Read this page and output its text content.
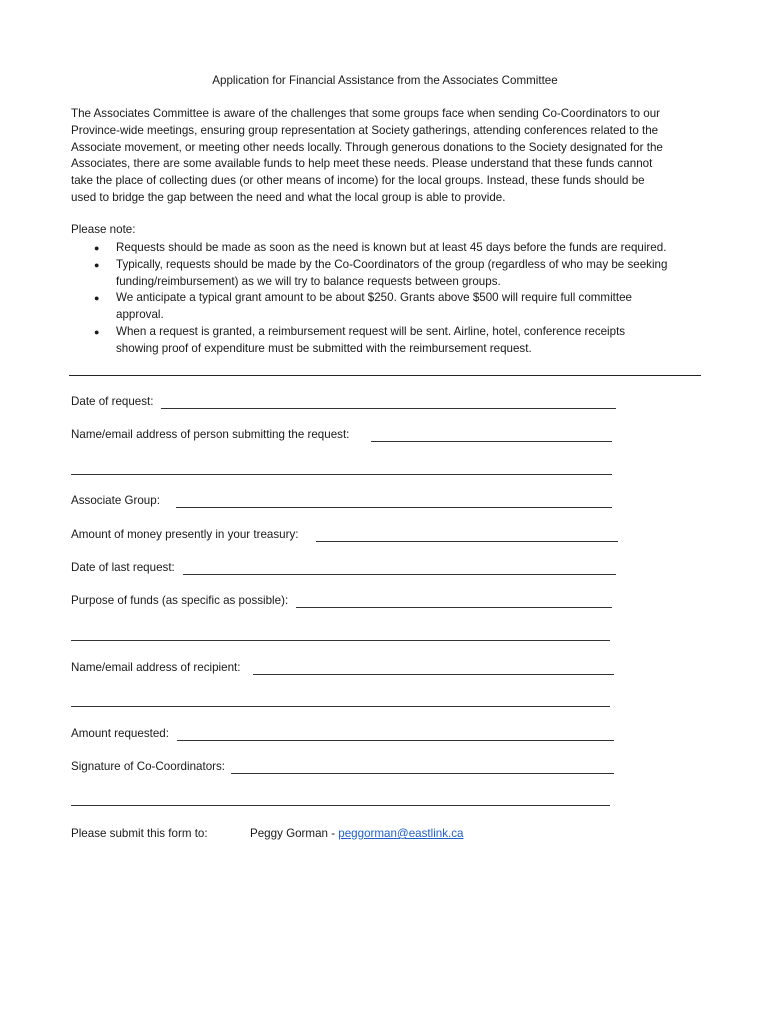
Application for Financial Assistance from the Associates Committee
The Associates Committee is aware of the challenges that some groups face when sending Co-Coordinators to our
Province-wide meetings, ensuring group representation at Society gatherings, attending conferences related to the
Associate movement, or meeting other needs locally. Through generous donations to the Society designated for the
Associates, there are some available funds to help meet these needs. Please understand that these funds cannot
take the place of collecting dues (or other means of income) for the local groups. Instead, these funds should be
used to bridge the gap between the need and what the local group is able to provide.
Please note:
● Requests should be made as soon as the need is known but at least 45 days before the funds are required.
● Typically, requests should be made by the Co-Coordinators of the group (regardless of who may be seeking
funding/reimbursement) as we will try to balance requests between groups.
● We anticipate a typical grant amount to be about $250. Grants above $500 will require full committee
approval.
● When a request is granted, a reimbursement request will be sent. Airline, hotel, conference receipts
showing proof of expenditure must be submitted with the reimbursement request.
Date of request:
Name/email address of person submitting the request:
Associate Group:
Amount of money presently in your treasury:
Date of last request:
Purpose of funds (as specific as possible):
Name/email address of recipient:
Amount requested:
Signature of Co-Coordinators:
Please submit this form to:	Peggy Gorman - peggorman@eastlink.ca
